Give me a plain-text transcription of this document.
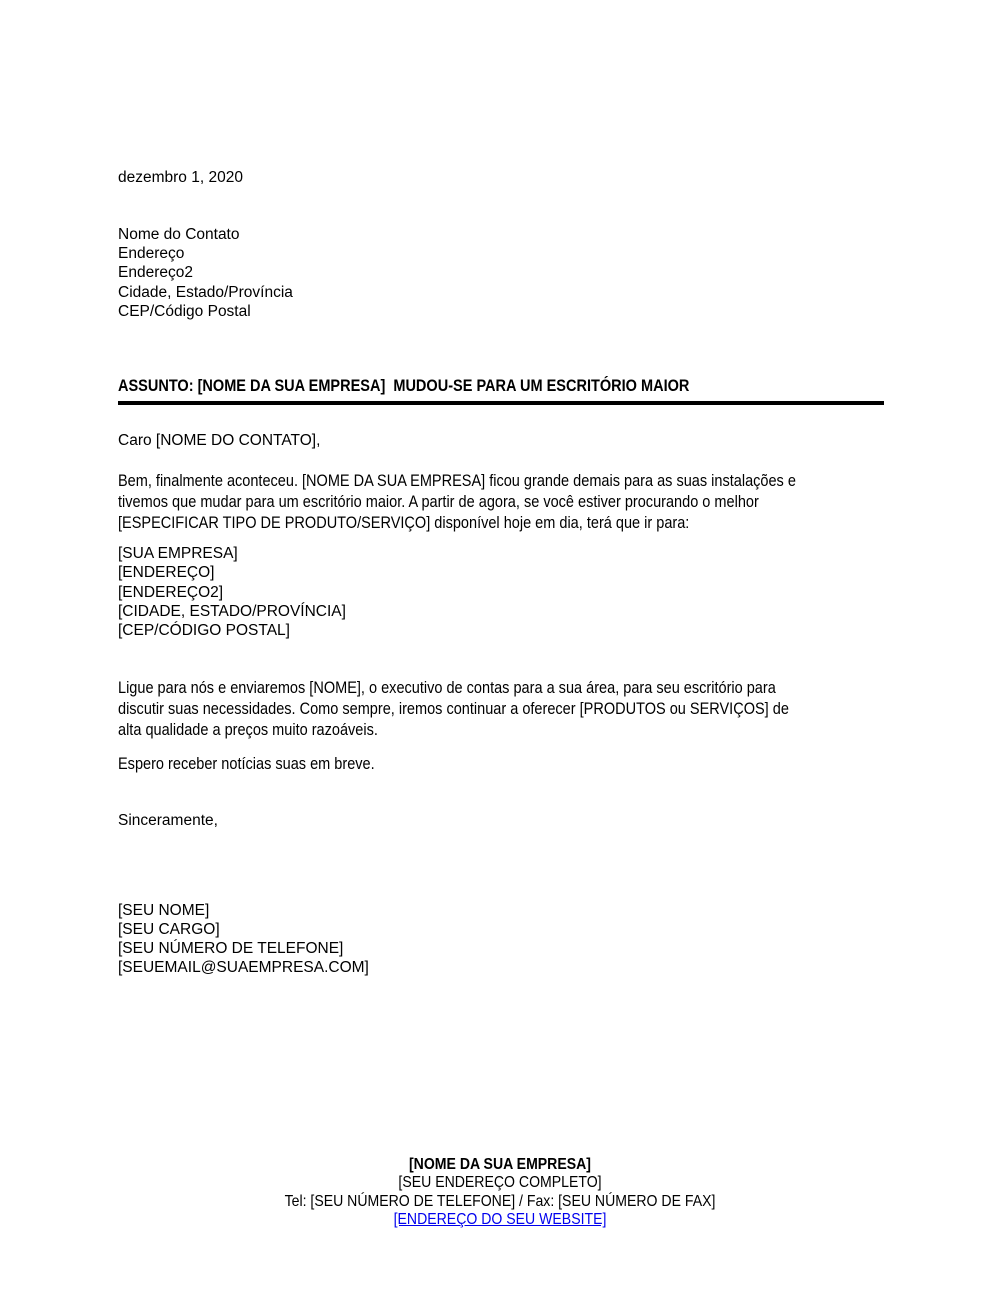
dezembro 1, 2020
Nome do Contato
Endereço
Endereço2
Cidade, Estado/Província
CEP/Código Postal
ASSUNTO: [NOME DA SUA EMPRESA]  MUDOU-SE PARA UM ESCRITÓRIO MAIOR
Caro [NOME DO CONTATO],
Bem, finalmente aconteceu. [NOME DA SUA EMPRESA] ficou grande demais para as suas instalações e
tivemos que mudar para um escritório maior. A partir de agora, se você estiver procurando o melhor
[ESPECIFICAR TIPO DE PRODUTO/SERVIÇO] disponível hoje em dia, terá que ir para:
[SUA EMPRESA]
[ENDEREÇO]
[ENDEREÇO2]
[CIDADE, ESTADO/PROVÍNCIA]
[CEP/CÓDIGO POSTAL]
Ligue para nós e enviaremos [NOME], o executivo de contas para a sua área, para seu escritório para
discutir suas necessidades. Como sempre, iremos continuar a oferecer [PRODUTOS ou SERVIÇOS] de
alta qualidade a preços muito razoáveis.
Espero receber notícias suas em breve.
Sinceramente,
[SEU NOME]
[SEU CARGO]
[SEU NÚMERO DE TELEFONE]
[SEUEMAIL@SUAEMPRESA.COM]
[NOME DA SUA EMPRESA]
[SEU ENDEREÇO COMPLETO]
Tel: [SEU NÚMERO DE TELEFONE] / Fax: [SEU NÚMERO DE FAX]
[ENDEREÇO DO SEU WEBSITE]
